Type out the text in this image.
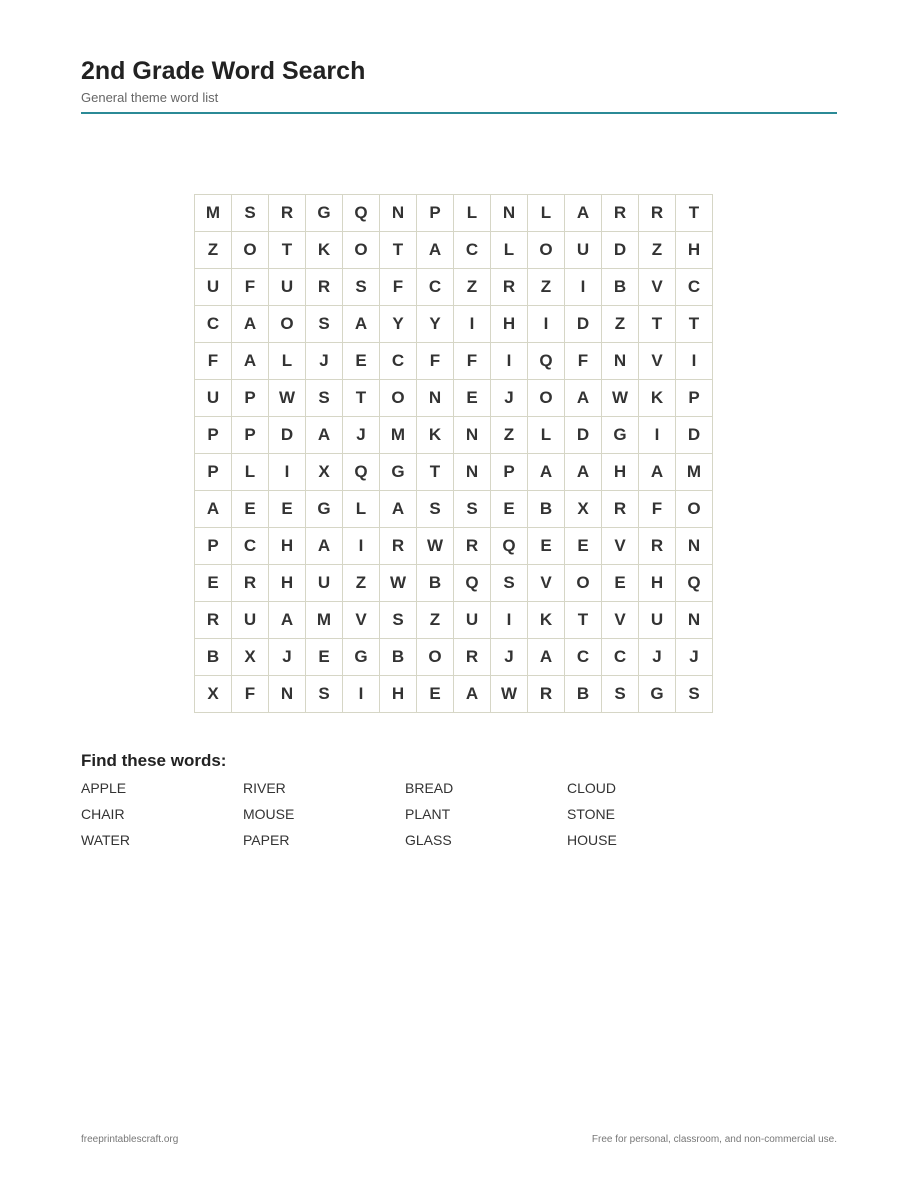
2nd Grade Word Search
General theme word list
M	S	R	G	Q	N	P	L	N	L	A	R	R	T
Z	O	T	K	O	T	A	C	L	O	U	D	Z	H
U	F	U	R	S	F	C	Z	R	Z	I	B	V	C
C	A	O	S	A	Y	Y	I	H	I	D	Z	T	T
F	A	L	J	E	C	F	F	I	Q	F	N	V	I
U	P	W	S	T	O	N	E	J	O	A	W	K	P
P	P	D	A	J	M	K	N	Z	L	D	G	I	D
P	L	I	X	Q	G	T	N	P	A	A	H	A	M
A	E	E	G	L	A	S	S	E	B	X	R	F	O
P	C	H	A	I	R	W	R	Q	E	E	V	R	N
E	R	H	U	Z	W	B	Q	S	V	O	E	H	Q
R	U	A	M	V	S	Z	U	I	K	T	V	U	N
B	X	J	E	G	B	O	R	J	A	C	C	J	J
X	F	N	S	I	H	E	A	W	R	B	S	G	S
Find these words:
APPLE	RIVER	BREAD	CLOUD
CHAIR	MOUSE	PLANT	STONE
WATER	PAPER	GLASS	HOUSE
freeprintablescraft.org	Free for personal, classroom, and non-commercial use.
